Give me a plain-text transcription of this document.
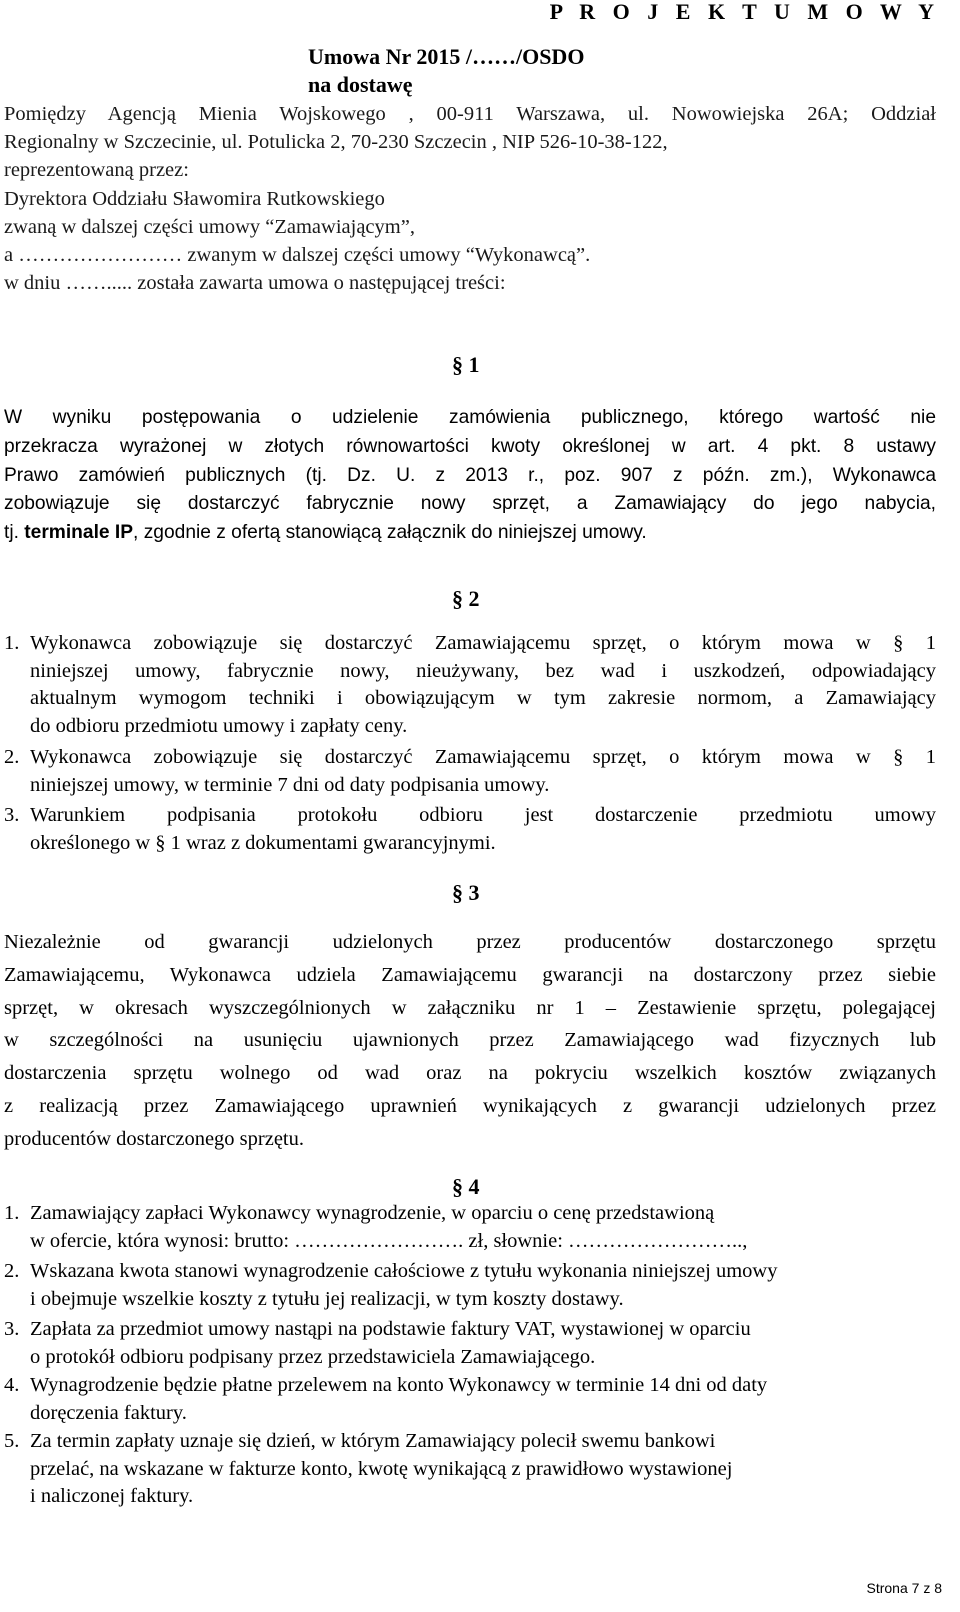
P R O J E K T U M O W Y
Umowa Nr 2015 /……/OSDO
na dostawę

Pomiędzy Agencją Mienia Wojskowego , 00-911 Warszawa, ul. Nowowiejska 26A; Oddział

Regionalny w Szczecinie, ul. Potulicka 2, 70-230 Szczecin , NIP 526-10-38-122,

reprezentowaną przez:

Dyrektora Oddziału Sławomira Rutkowskiego

zwaną w dalszej części umowy “Zamawiającym”,

a …………………… zwanym w dalszej części umowy “Wykonawcą”.

w dniu ……..... została zawarta umowa o następującej treści:

§ 1

W wyniku postępowania o udzielenie zamówienia publicznego, którego wartość nie

przekracza wyrażonej w złotych równowartości kwoty określonej w art. 4 pkt. 8 ustawy

Prawo zamówień publicznych (tj. Dz. U. z 2013 r., poz. 907 z późn. zm.), Wykonawca

zobowiązuje się dostarczyć fabrycznie nowy sprzęt, a Zamawiający do jego nabycia,

tj. terminale IP, zgodnie z ofertą stanowiącą załącznik do niniejszej umowy.

§ 2
1. Wykonawca zobowiązuje się dostarczyć Zamawiającemu sprzęt, o którym mowa w § 1
niniejszej umowy, fabrycznie nowy, nieużywany, bez wad i uszkodzeń, odpowiadający
aktualnym wymogom techniki i obowiązującym w tym zakresie normom, a Zamawiający
do odbioru przedmiotu umowy i zapłaty ceny.
2. Wykonawca zobowiązuje się dostarczyć Zamawiającemu sprzęt, o którym mowa w § 1
niniejszej umowy, w terminie 7 dni od daty podpisania umowy.
3. Warunkiem podpisania protokołu odbioru jest dostarczenie przedmiotu umowy
określonego w § 1 wraz z dokumentami gwarancyjnymi.
§ 3
Niezależnie od gwarancji udzielonych przez producentów dostarczonego sprzętu
Zamawiającemu, Wykonawca udziela Zamawiającemu gwarancji na dostarczony przez siebie
sprzęt, w okresach wyszczególnionych w załączniku nr 1 – Zestawienie sprzętu, polegającej
w szczególności na usunięciu ujawnionych przez Zamawiającego wad fizycznych lub
dostarczenia sprzętu wolnego od wad oraz na pokryciu wszelkich kosztów związanych
z realizacją przez Zamawiającego uprawnień wynikających z gwarancji udzielonych przez
producentów dostarczonego sprzętu.
§ 4
1. Zamawiający zapłaci Wykonawcy wynagrodzenie, w oparciu o cenę przedstawioną
w ofercie, która wynosi: brutto: ……………………. zł, słownie: ……………………..,
2. Wskazana kwota stanowi wynagrodzenie całościowe z tytułu wykonania niniejszej umowy
i obejmuje wszelkie koszty z tytułu jej realizacji, w tym koszty dostawy.
3. Zapłata za przedmiot umowy nastąpi na podstawie faktury VAT, wystawionej w oparciu
o protokół odbioru podpisany przez przedstawiciela Zamawiającego.
4. Wynagrodzenie będzie płatne przelewem na konto Wykonawcy w terminie 14 dni od daty
doręczenia faktury.
5. Za termin zapłaty uznaje się dzień, w którym Zamawiający polecił swemu bankowi
przelać, na wskazane w fakturze konto, kwotę wynikającą z prawidłowo wystawionej
i naliczonej faktury.
Strona 7 z 8
